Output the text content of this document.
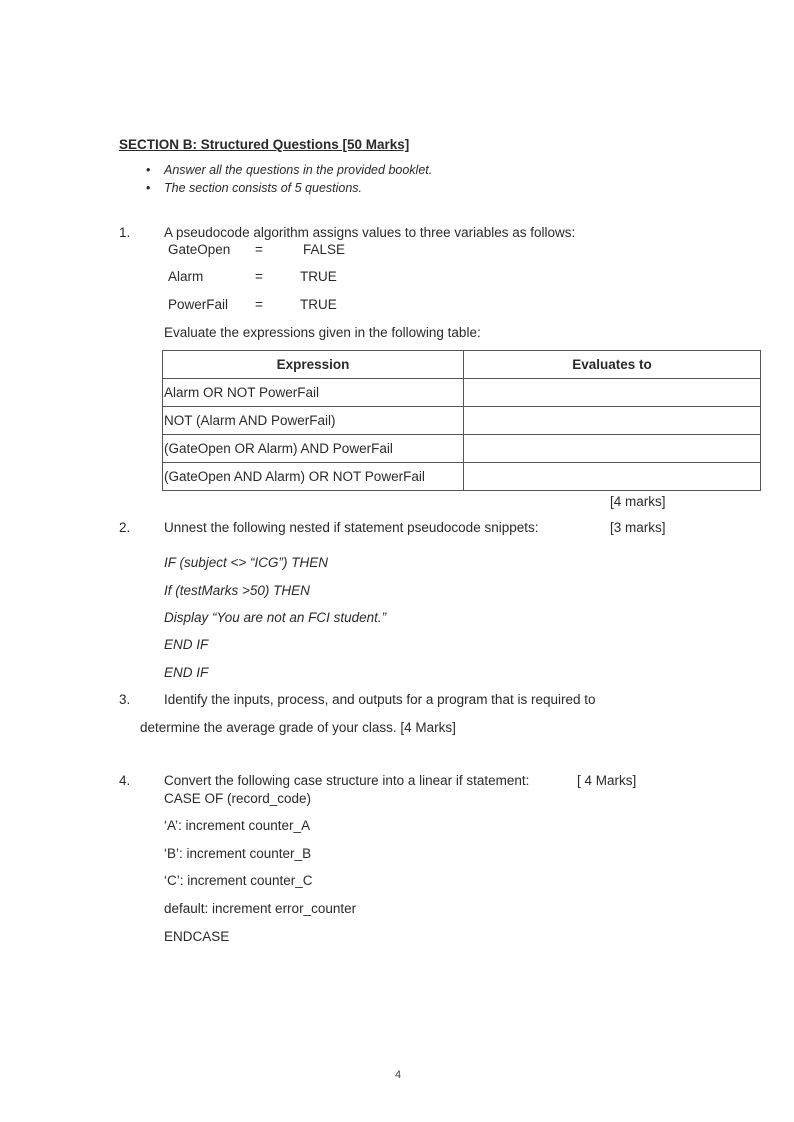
SECTION B: Structured Questions [50 Marks]
• Answer all the questions in the provided booklet.
• The section consists of 5 questions.
1. A pseudocode algorithm assigns values to three variables as follows:
GateOpen =	FALSE
Alarm	=	TRUE
PowerFail =	TRUE
Evaluate the expressions given in the following table:
Expression	Evaluates to
Alarm OR NOT PowerFail	
NOT (Alarm AND PowerFail)	
(GateOpen OR Alarm) AND PowerFail	
(GateOpen AND Alarm) OR NOT PowerFail	
[4 marks]
2. Unnest the following nested if statement pseudocode snippets:	[3 marks]
IF (subject <> “ICG”) THEN
If (testMarks >50) THEN
Display “You are not an FCI student.”
END IF
END IF
3. Identify the inputs, process, and outputs for a program that is required to
determine the average grade of your class. [4 Marks]
4. Convert the following case structure into a linear if statement:	[ 4 Marks]
CASE OF (record_code)
‘A’: increment counter_A
‘B’: increment counter_B
‘C’: increment counter_C
default: increment error_counter
ENDCASE
4
